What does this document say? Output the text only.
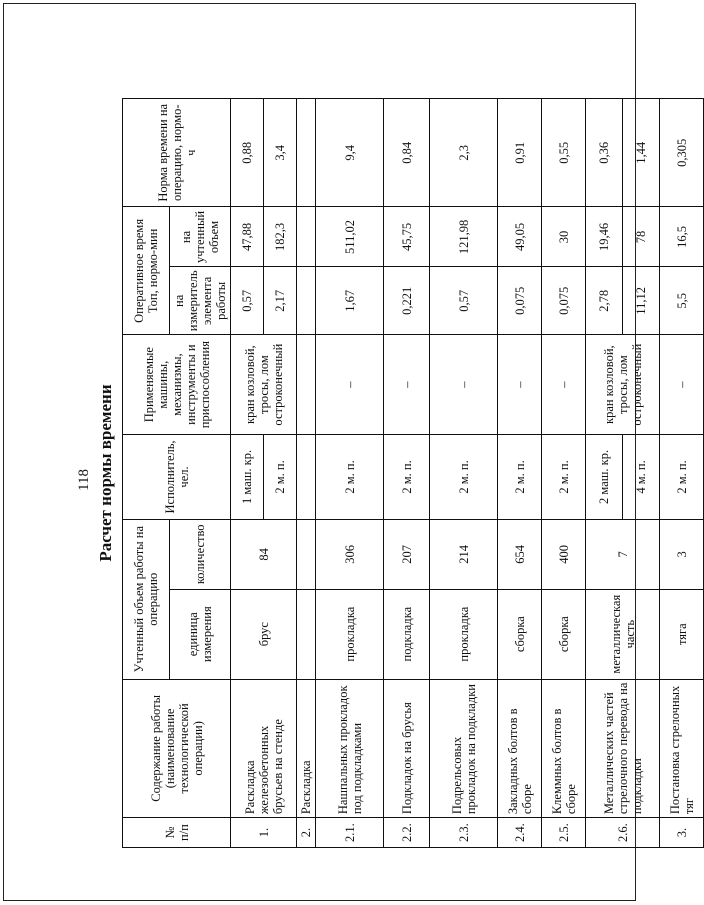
118 Расчет нормы времени
№ п/п	Содержание работы (наименование технологической операции)	Учтенный объем работы на операцию		Исполнитель, чел.	Применяемые машины, механизмы, инструменты и приспособления	Оперативное время Топ, нормо-мин		Норма времени на операцию, нормо-ч
		единица измерения	количество			на измеритель элемента работы	на учтенный объем	
1.	Раскладка железобетонных брусьев на стенде	брус	84	1 маш. кр.	кран козловой, тросы, лом остроконечный	0,57	47,88	0,88
				2 м. п.		2,17	182,3	3,4
2.	Раскладка							
2.1.	Нашпальных прокладок под подкладками	прокладка	306	2 м. п.	–	1,67	511,02	9,4
2.2.	Подкладок на брусья	подкладка	207	2 м. п.	–	0,221	45,75	0,84
2.3.	Подрельсовых прокладок на подкладки	прокладка	214	2 м. п.	–	0,57	121,98	2,3
2.4.	Закладных болтов в сборе	сборка	654	2 м. п.	–	0,075	49,05	0,91
2.5.	Клеммных болтов в сборе	сборка	400	2 м. п.	–	0,075	30	0,55
2.6.	Металлических частей стрелочного перевода на подкладки	металлическая часть	7	2 маш. кр.	кран козловой, тросы, лом остроконечный	2,78	19,46	0,36
				4 м. п.		11,12	78	1,44
3.	Постановка стрелочных тяг	тяга	3	2 м. п.	–	5,5	16,5	0,305
